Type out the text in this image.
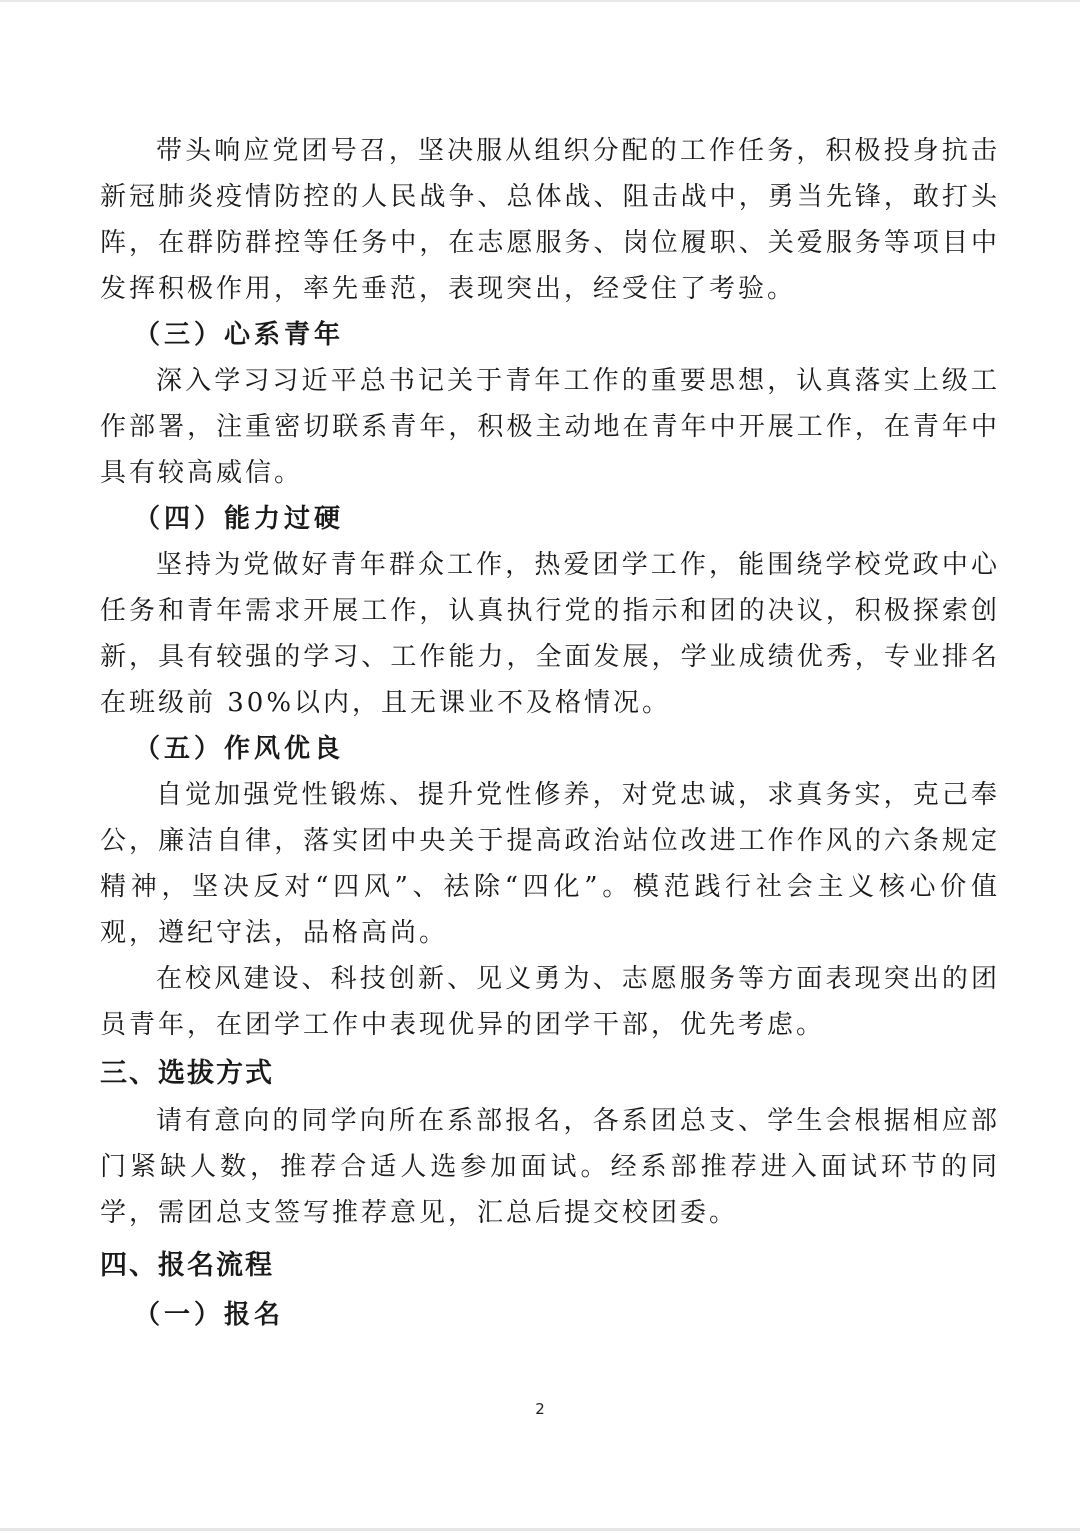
带头响应党团号召，坚决服从组织分配的工作任务，积极投身抗击新冠肺炎疫情防控的人民战争、总体战、阻击战中，勇当先锋，敢打头阵，在群防群控等任务中，在志愿服务、岗位履职、关爱服务等项目中发挥积极作用，率先垂范，表现突出，经受住了考验。

（三）心系青年

深入学习习近平总书记关于青年工作的重要思想，认真落实上级工作部署，注重密切联系青年，积极主动地在青年中开展工作，在青年中具有较高威信。

（四）能力过硬

坚持为党做好青年群众工作，热爱团学工作，能围绕学校党政中心任务和青年需求开展工作，认真执行党的指示和团的决议，积极探索创新，具有较强的学习、工作能力，全面发展，学业成绩优秀，专业排名在班级前 30%以内，且无课业不及格情况。

（五）作风优良

自觉加强党性锻炼、提升党性修养，对党忠诚，求真务实，克己奉公，廉洁自律，落实团中央关于提高政治站位改进工作作风的六条规定精神，坚决反对“四风”、祛除“四化”。模范践行社会主义核心价值观，遵纪守法，品格高尚。

在校风建设、科技创新、见义勇为、志愿服务等方面表现突出的团员青年，在团学工作中表现优异的团学干部，优先考虑。

三、选拔方式

请有意向的同学向所在系部报名，各系团总支、学生会根据相应部门紧缺人数，推荐合适人选参加面试。经系部推荐进入面试环节的同学，需团总支签写推荐意见，汇总后提交校团委。

四、报名流程

（一）报名

2
